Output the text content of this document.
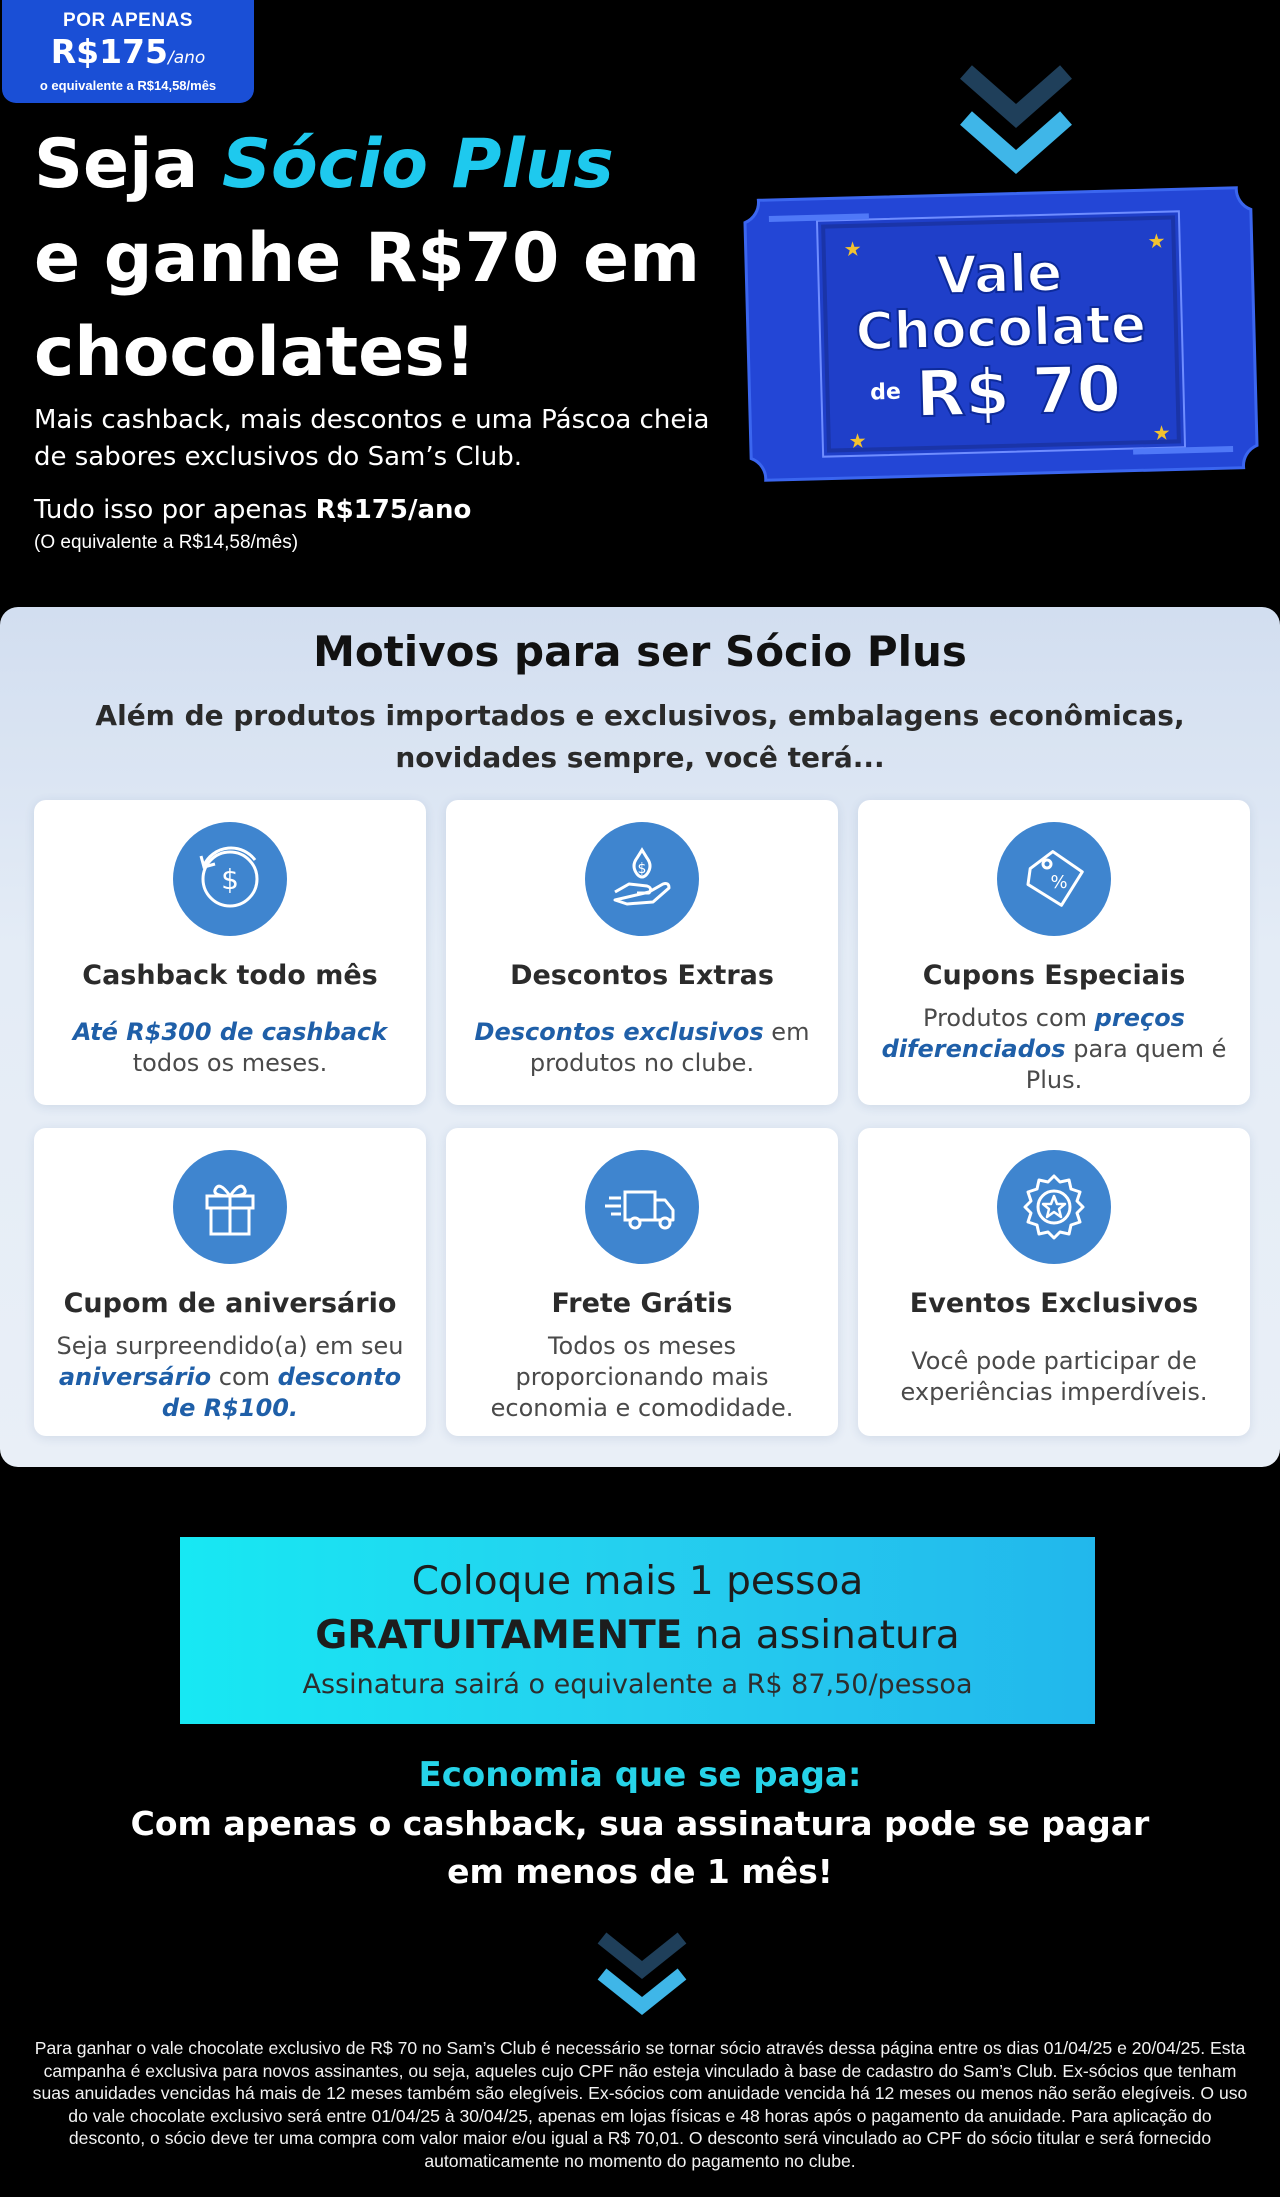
POR APENAS
R$175/ano
o equivalente a R$14,58/mês
Seja Sócio Plus
e ganhe R$70 em
chocolates!
Mais cashback, mais descontos e uma Páscoa cheia de sabores exclusivos do Sam’s Club.
Tudo isso por apenas R$175/ano
(O equivalente a R$14,58/mês)
★	★
★	★
Vale
Chocolate
de R$ 70
Motivos para ser Sócio Plus
Além de produtos importados e exclusivos, embalagens econômicas, novidades sempre, você terá...
$
Cashback todo mês
Até R$300 de cashback
todos os meses.
$
Descontos Extras
Descontos exclusivos em produtos no clube.
%
Cupons Especiais
Produtos com preços diferenciados para quem é Plus.
Cupom de aniversário
Seja surpreendido(a) em seu aniversário com desconto de R$100.
Frete Grátis
Todos os meses proporcionando mais economia e comodidade.
Eventos Exclusivos
Você pode participar de experiências imperdíveis.
Coloque mais 1 pessoa
GRATUITAMENTE na assinatura
Assinatura sairá o equivalente a R$ 87,50/pessoa
Economia que se paga:
Com apenas o cashback, sua assinatura pode se pagar em menos de 1 mês!
Para ganhar o vale chocolate exclusivo de R$ 70 no Sam’s Club é necessário se tornar sócio através dessa página entre os dias 01/04/25 e 20/04/25. Esta campanha é exclusiva para novos assinantes, ou seja, aqueles cujo CPF não esteja vinculado à base de cadastro do Sam’s Club. Ex-sócios que tenham suas anuidades vencidas há mais de 12 meses também são elegíveis. Ex-sócios com anuidade vencida há 12 meses ou menos não serão elegíveis. O uso do vale chocolate exclusivo será entre 01/04/25 à 30/04/25, apenas em lojas físicas e 48 horas após o pagamento da anuidade. Para aplicação do desconto, o sócio deve ter uma compra com valor maior e/ou igual a R$ 70,01. O desconto será vinculado ao CPF do sócio titular e será fornecido automaticamente no momento do pagamento no clube.
